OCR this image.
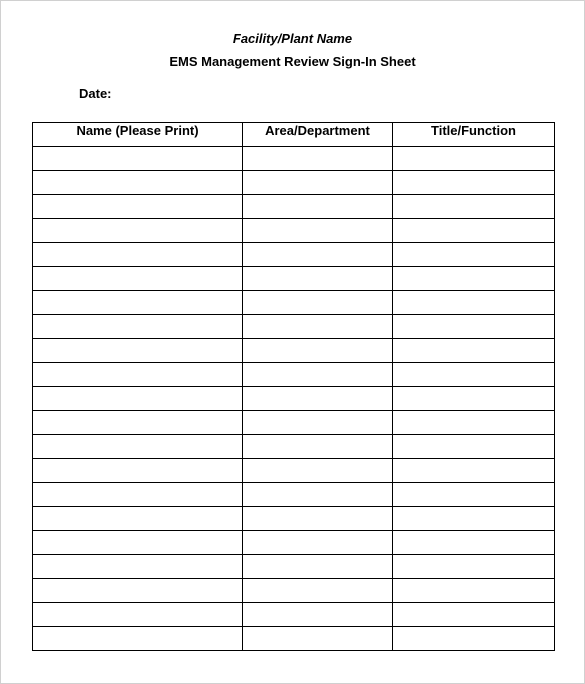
Facility/Plant Name
EMS Management Review Sign-In Sheet
Date:
Name (Please Print)	Area/Department	Title/Function
